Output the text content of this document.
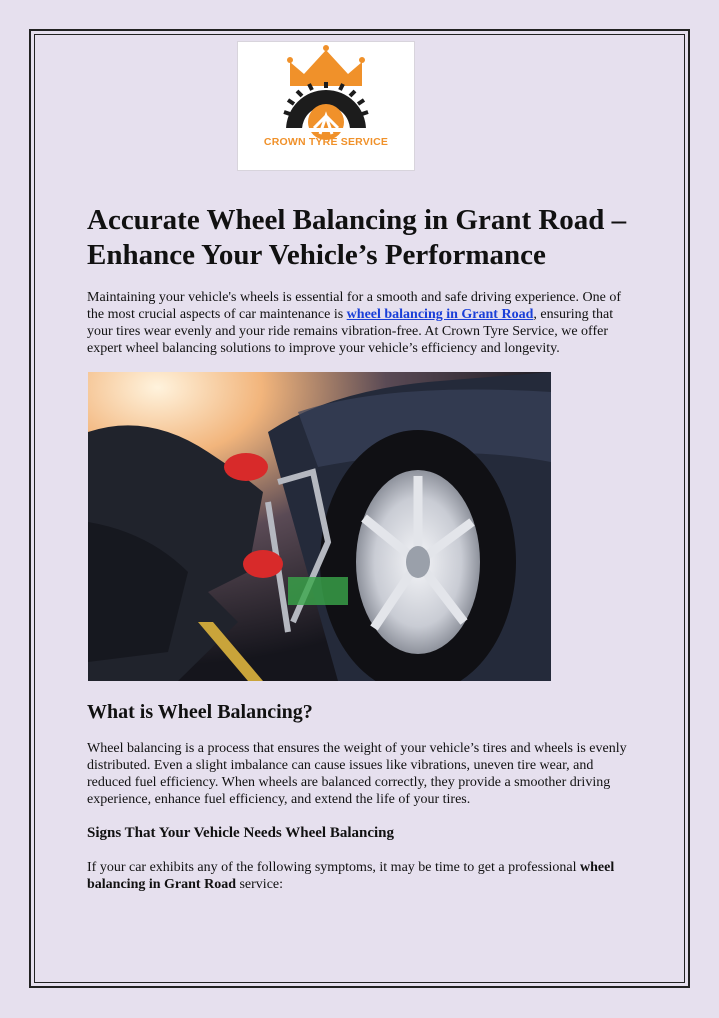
CROWN TYRE SERVICE
Accurate Wheel Balancing in Grant Road – Enhance Your Vehicle’s Performance

Maintaining your vehicle's wheels is essential for a smooth and safe driving experience. One of the most crucial aspects of car maintenance is wheel balancing in Grant Road, ensuring that your tires wear evenly and your ride remains vibration-free. At Crown Tyre Service, we offer expert wheel balancing solutions to improve your vehicle’s efficiency and longevity.

What is Wheel Balancing?

Wheel balancing is a process that ensures the weight of your vehicle’s tires and wheels is evenly distributed. Even a slight imbalance can cause issues like vibrations, uneven tire wear, and reduced fuel efficiency. When wheels are balanced correctly, they provide a smoother driving experience, enhance fuel efficiency, and extend the life of your tires.

Signs That Your Vehicle Needs Wheel Balancing

If your car exhibits any of the following symptoms, it may be time to get a professional wheel balancing in Grant Road service:
